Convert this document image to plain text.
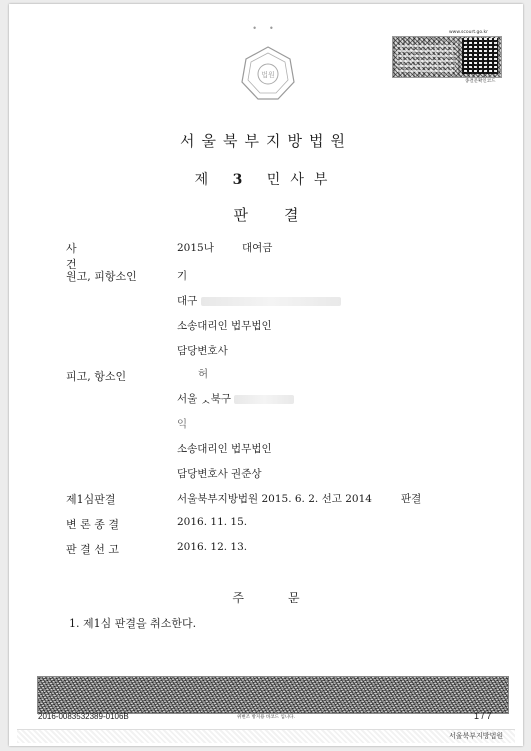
••
법원
www.scourt.go.kr
종결문확인코드
서울북부지방법원
제 3 민사부
판결
사 건
2015나	대여금
원고, 피항소인	기
대구
소송대리인 법무법인
담당변호사
피고, 항소인	허
서울 ᆺ북구
익
소송대리인 법무법인
담당변호사 권준상
제1심판결	서울북부지방법원 2015. 6. 2. 선고 2014	판결
변 론 종 결	2016. 11. 15.
판 결 선 고	2016. 12. 13.
주문
1. 제1심 판결을 취소한다.
2016-0083532389-0106B	위변조 방지용 바코드 입니다.	1 / 7
서울북부지방법원
